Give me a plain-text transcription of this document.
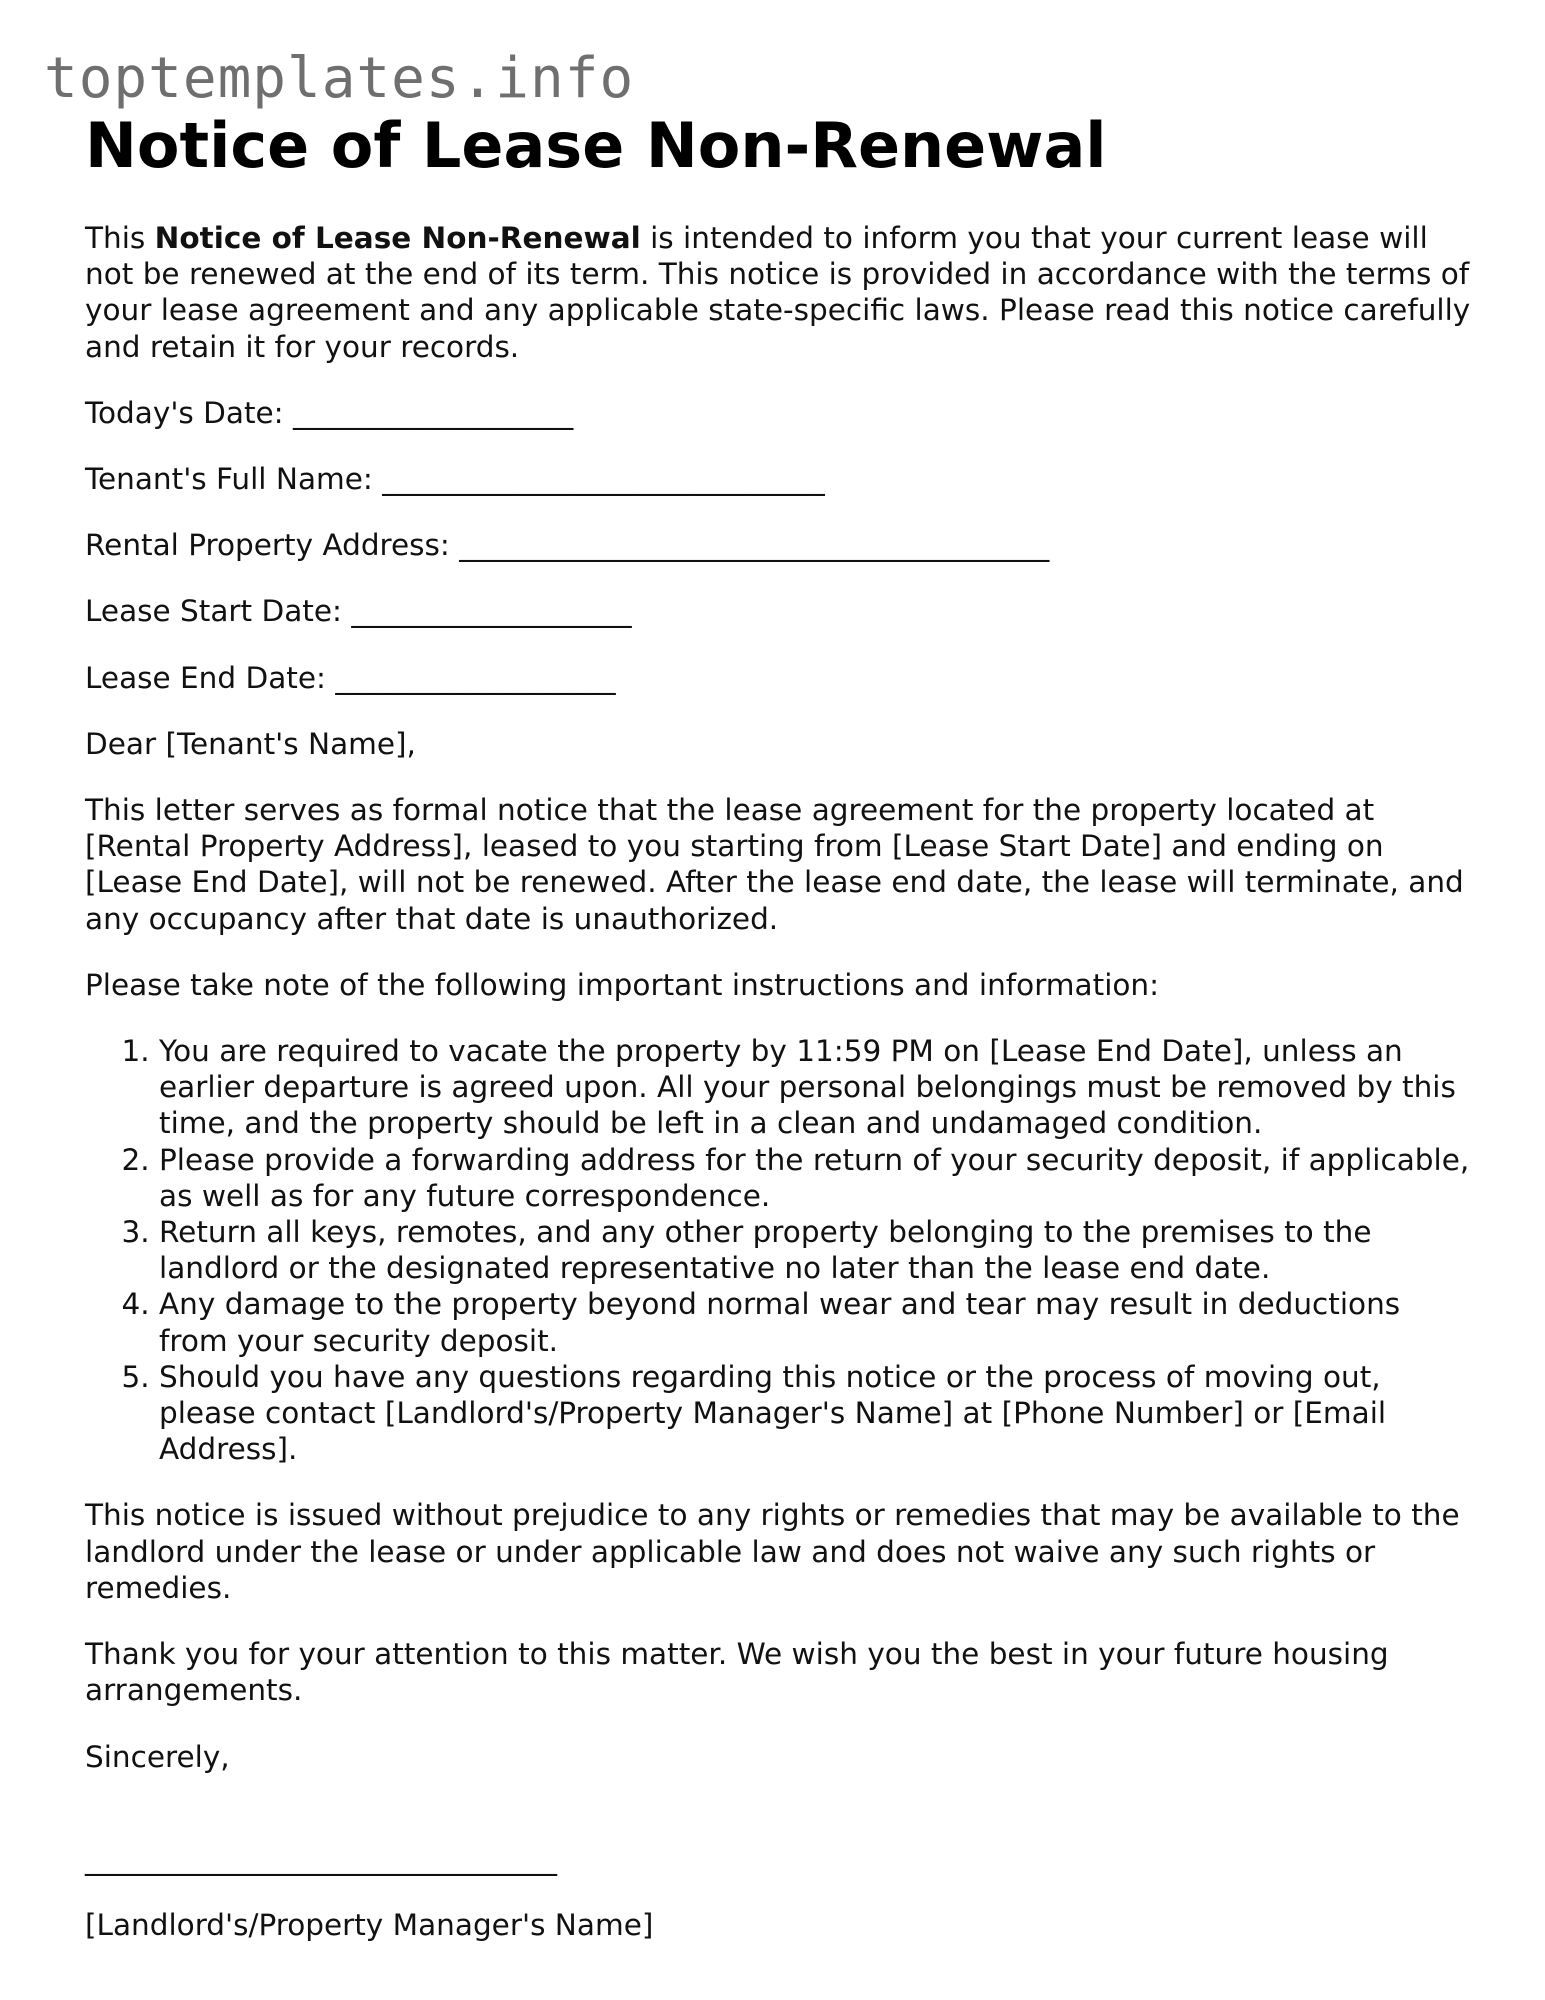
toptemplates.info
Notice of Lease Non-Renewal

This Notice of Lease Non-Renewal is intended to inform you that your current lease will not be renewed at the end of its term. This notice is provided in accordance with the terms of your lease agreement and any applicable state-specific laws. Please read this notice carefully and retain it for your records.

Today's Date: ___________________

Tenant's Full Name: ______________________________

Rental Property Address: ________________________________________

Lease Start Date: ___________________

Lease End Date: ___________________

Dear [Tenant's Name],

This letter serves as formal notice that the lease agreement for the property located at [Rental Property Address], leased to you starting from [Lease Start Date] and ending on [Lease End Date], will not be renewed. After the lease end date, the lease will terminate, and any occupancy after that date is unauthorized.

Please take note of the following important instructions and information:

1. You are required to vacate the property by 11:59 PM on [Lease End Date], unless an earlier departure is agreed upon. All your personal belongings must be removed by this time, and the property should be left in a clean and undamaged condition.
2. Please provide a forwarding address for the return of your security deposit, if applicable, as well as for any future correspondence.
3. Return all keys, remotes, and any other property belonging to the premises to the landlord or the designated representative no later than the lease end date.
4. Any damage to the property beyond normal wear and tear may result in deductions from your security deposit.
5. Should you have any questions regarding this notice or the process of moving out, please contact [Landlord's/Property Manager's Name] at [Phone Number] or [Email Address].

This notice is issued without prejudice to any rights or remedies that may be available to the landlord under the lease or under applicable law and does not waive any such rights or remedies.

Thank you for your attention to this matter. We wish you the best in your future housing arrangements.

Sincerely,

________________________________

[Landlord's/Property Manager's Name]
